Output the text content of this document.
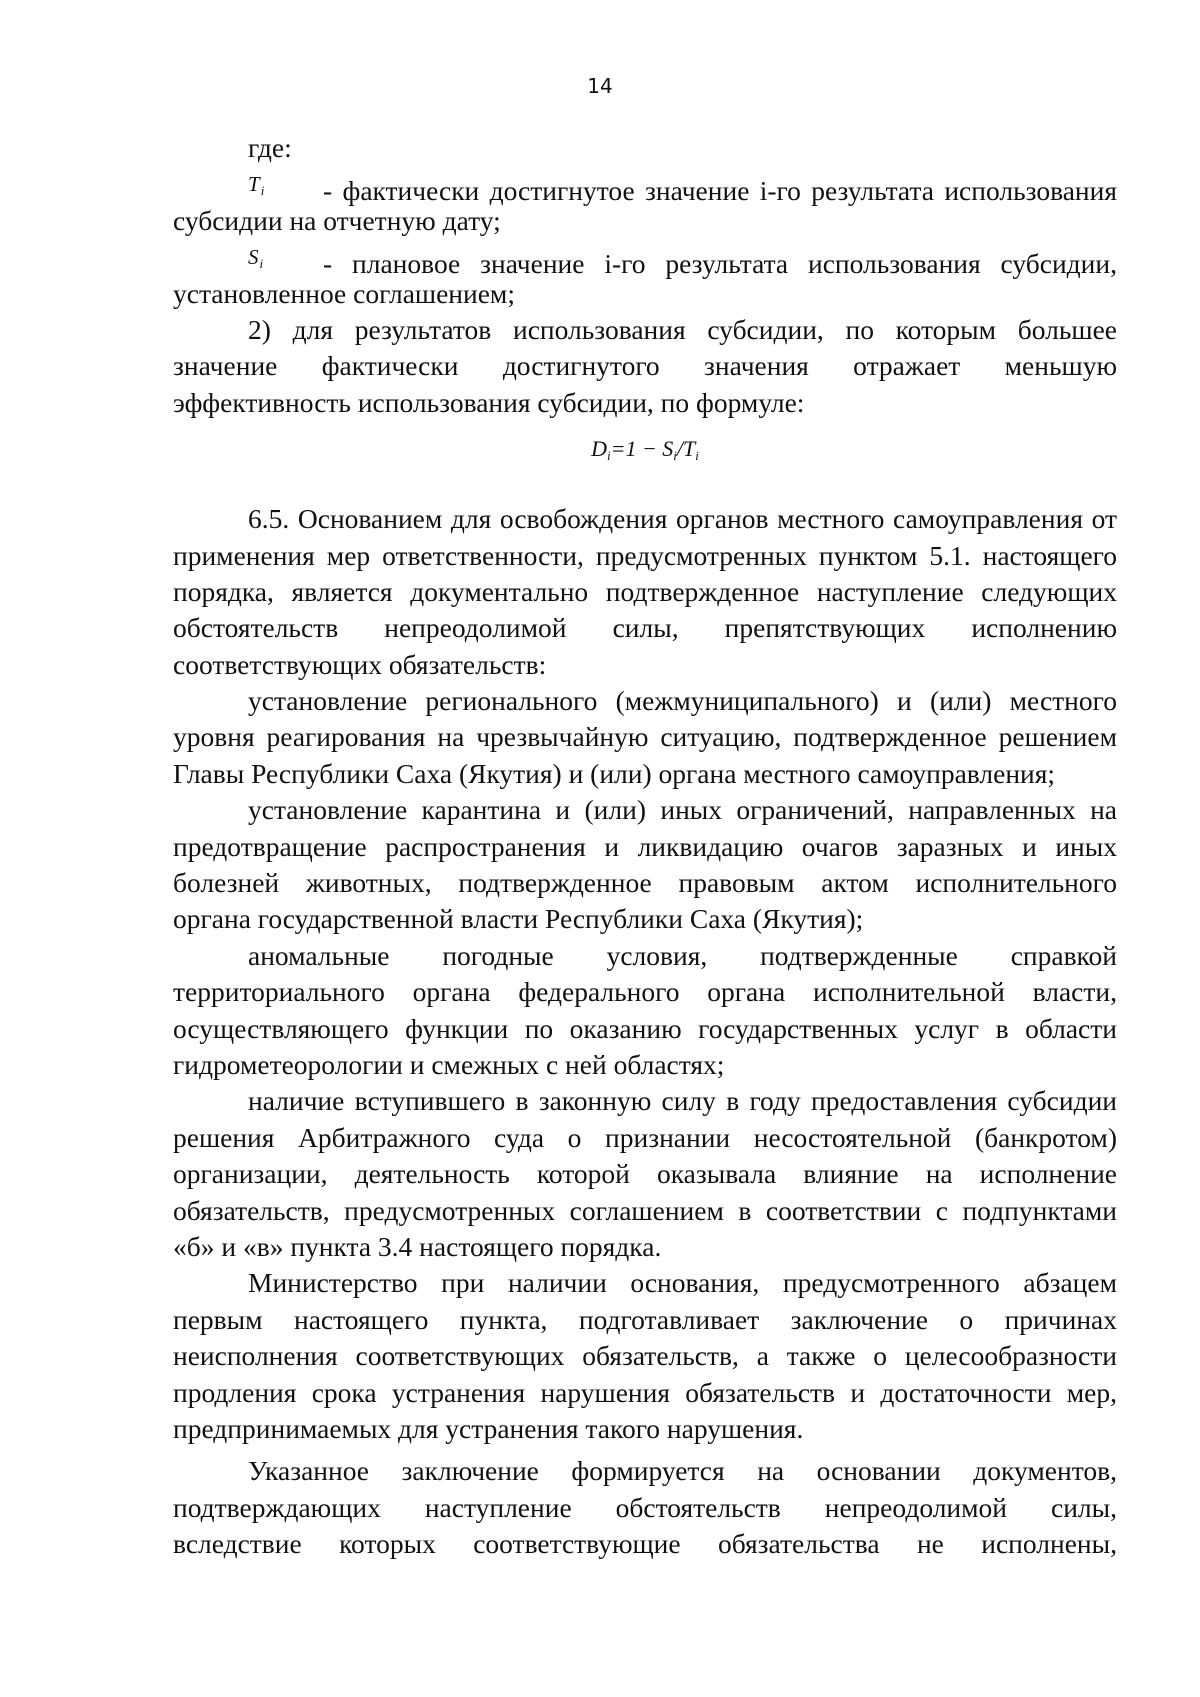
14
где:
$T_i$ - фактически достигнутое значение i-го результата использования
субсидии на отчетную дату;
$S_i$ - плановое значение i-го результата использования субсидии,
установленное соглашением;
2) для результатов использования субсидии, по которым большее
значение фактически достигнутого значения отражает меньшую
эффективность использования субсидии, по формуле:
$D_i=1 - S_i/T_i$
6.5. Основанием для освобождения органов местного самоуправления от
применения мер ответственности, предусмотренных пунктом 5.1. настоящего
порядка, является документально подтвержденное наступление следующих
обстоятельств непреодолимой силы, препятствующих исполнению
соответствующих обязательств:
установление регионального (межмуниципального) и (или) местного
уровня реагирования на чрезвычайную ситуацию, подтвержденное решением
Главы Республики Саха (Якутия) и (или) органа местного самоуправления;
установление карантина и (или) иных ограничений, направленных на
предотвращение распространения и ликвидацию очагов заразных и иных
болезней животных, подтвержденное правовым актом исполнительного
органа государственной власти Республики Саха (Якутия);
аномальные погодные условия, подтвержденные справкой
территориального органа федерального органа исполнительной власти,
осуществляющего функции по оказанию государственных услуг в области
гидрометеорологии и смежных с ней областях;
наличие вступившего в законную силу в году предоставления субсидии
решения Арбитражного суда о признании несостоятельной (банкротом)
организации, деятельность которой оказывала влияние на исполнение
обязательств, предусмотренных соглашением в соответствии с подпунктами
«б» и «в» пункта 3.4 настоящего порядка.
Министерство при наличии основания, предусмотренного абзацем
первым настоящего пункта, подготавливает заключение о причинах
неисполнения соответствующих обязательств, а также о целесообразности
продления срока устранения нарушения обязательств и достаточности мер,
предпринимаемых для устранения такого нарушения.
Указанное заключение формируется на основании документов,
подтверждающих наступление обстоятельств непреодолимой силы,
вследствие которых соответствующие обязательства не исполнены,
